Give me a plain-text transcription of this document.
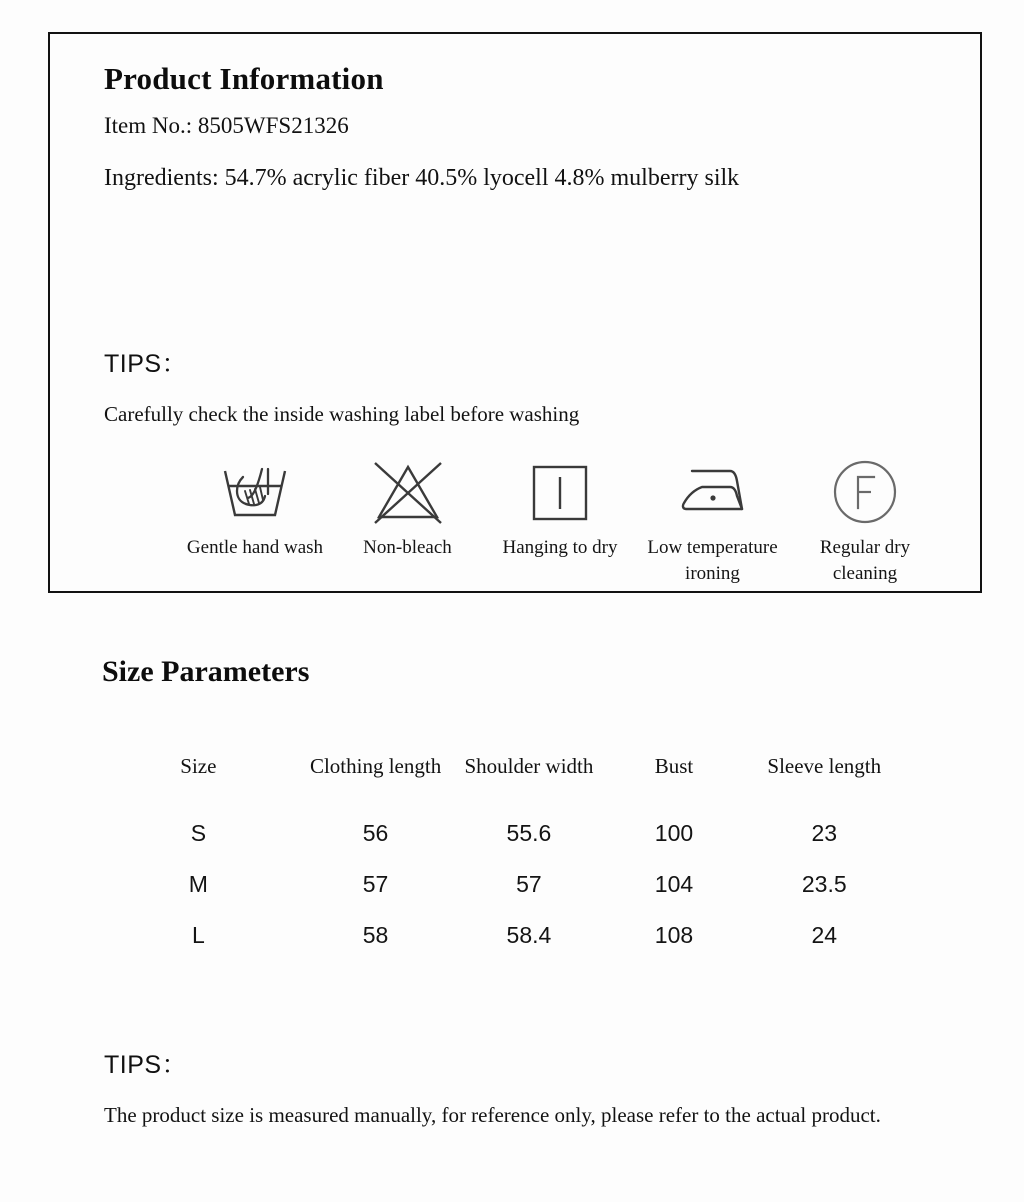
Product Information

Item No.: 8505WFS21326

Ingredients: 54.7% acrylic fiber 40.5% lyocell 4.8% mulberry silk

TIPS：

Carefully check the inside washing label before washing

Gentle hand wash Non-bleach	Hanging to dry	Low temperature ironing
Regular dry cleaning
Size Parameters
Size	Clothing length	Shoulder width	Bust	Sleeve length
S	56	55.6	100	23
M	57	57	104	23.5
L	58	58.4	108	24

TIPS：

The product size is measured manually, for reference only, please refer to the actual product.
